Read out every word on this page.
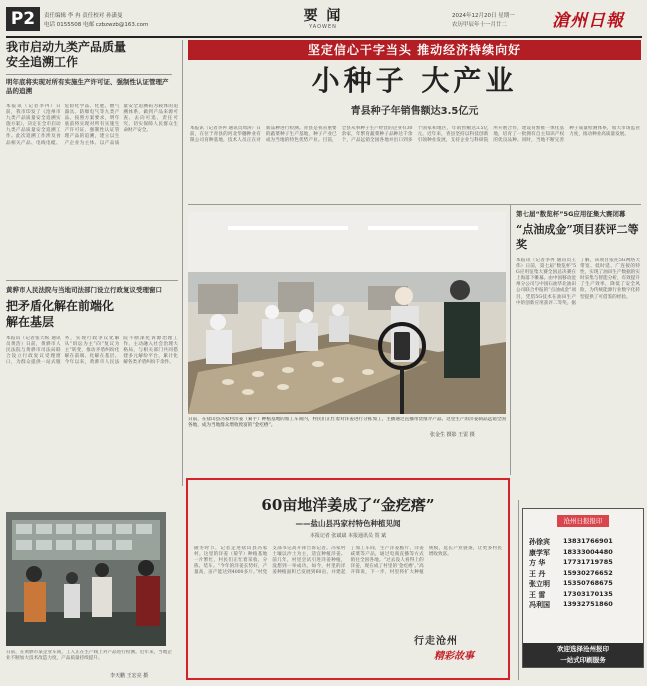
P2	责任编辑 李 冉 责任校对 孙潇曼
电话 0155508 电邮 czbzwzb@163.com
要 闻
YAOWEN
2024年12月20日 星期一
农历甲辰年十一月廿二	滄州日報
我市启动九类产品质量安全追溯工作
明年底将实现对所有实施生产许可证、强制性认证管理产品的追溯
本报讯（记者李冉）日前，我市印发了《沧州市九类产品质量安全追溯实施方案》，决定在全市启动九类产品质量安全追溯工作。此次追溯工作涉及食品相关产品、电线电缆、危险化学品、化肥、燃气器具、防爆电气等九类产品。按照方案要求，明年底前将实现对所有实施生产许可证、强制性认证管理产品的追溯，建立以生产企业为主体、以产品质量安全追溯码为载体的追溯体系，做到产品来源可查、去向可追、责任可究，切实保障人民群众生命财产安全。
黄骅市人民法院与当地司法部门设立行政复议受理窗口
把矛盾化解在前端化解在基层
本报讯（记者张天纵 通讯员黄浩）日前，黄骅市人民法院与黄骅市司法局联合设立行政复议受理窗口，为群众提供一站式服务，实现行政争议化解从“诉讼为主”向“复议为主”转变，推动矛盾纠纷化解在前端、化解在基层。今年以来，黄骅市人民法院不断深化诉源治理工作，主动融入社会治理大格局，与相关部门共同搭建多元解纷平台，累计化解各类矛盾纠纷千余件。
日前，在黄骅市某企业车间，工人正在生产线上对产品进行检测。近年来，当地企业不断加大技术改造力度，产品质量持续提升。
李天鹏 王宏亮 摄
坚定信心干字当头 推动经济持续向好
小种子 大产业
青县种子年销售额达3.5亿元
本报讯（记者李冉 通讯员周涛）日前，在位于青县的河北华穗种业有限公司育种基地，技术人员正在对新品种进行检测。青县是我省重要的蔬菜种子生产基地，种子产业已成为当地的特色优势产业。目前，全县从事种子生产经营的企业有30余家，年繁育蔬菜种子品种达千余个，产品远销全国各地并出口到多个国家和地区，年销售额达3.5亿元。近年来，青县坚持以科技创新引领种业发展，支持企业与科研院所开展合作，建设育繁推一体化基地，培育了一批拥有自主知识产权的优良品种。同时，当地不断完善种子质量检测体系，加大市场监管力度，推动种业高质量发展。
日前，在盐山县冯家村洋姜（菊芋）种植基地的加工车间内，村民们正忙着对洋姜进行分拣加工，主播通过直播带货推介产品。这里生产的洋姜制品远销全国各地，成为当地群众增收致富的“金疙瘩”。
张金生 摄影 王雷 摄
第七届“数览杯”5G应用征集大赛闭幕
“点油成金”项目获评二等奖
本报讯（记者李冉 通讯员王伟）日前，第七届“数览杯”5G应用征集大赛全国总决赛在上海落下帷幕。由中国移动沧州分公司与中国石油华北油田公司联合申报的“点油成金”项目，凭借5G技术在油田生产中的创新应用获评二等奖。据了解，该项目依托5G网络大带宽、低时延、广连接的特性，实现了油田生产数据的实时采集与智能分析，有效提升了生产效率，降低了安全风险，为传统能源行业数字化转型提供了可借鉴的经验。
60亩地洋姜成了“金疙瘩”
——盐山县冯家村特色种植见闻
本报记者 张斌斌 本报通讯员 贺 斌
隆冬时节，记者走进盐山县冯家村。这里的洋姜（菊芋）种植基地一片繁忙，村民们正忙着采收、分拣、装车。“今年的洋姜长势好，产量高，亩产能达到4000多斤。”村党支部书记高开锋告诉记者。冯家村土壤以沙土为主，适宜种植洋姜。前几年，村里尝试引进洋姜种植，没想到一举成功。如今，村里的洋姜种植面积已发展到60亩，并建起了加工车间，生产洋姜脆片、洋姜咸菜等产品，通过电商直播等方式销往全国各地。“过去没人看得上的洋姜，现在成了村里的‘金疙瘩’。”高开锋说，下一步，村里将扩大种植规模，延长产业链条，让更多村民增收致富。
行走沧州
精彩故事
沧州日报报印
孙徐宾	13831766901
康学军	18333004480
方 华	17731719785
王 丹	15930276652
张立明	15350768675
王 雷	17303170135
冯利国	13932751860
欢迎选择沧州报印
一站式印刷服务
